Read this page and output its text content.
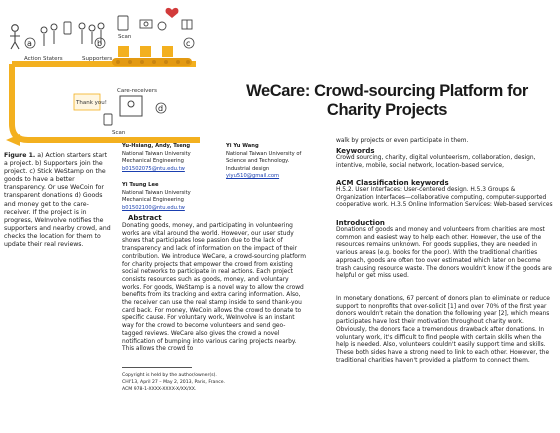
a
Action Staters
b
Supporters
Scan
c
Thank you!
Care-receivers
d
Scan
WeCare: Crowd-sourcing Platform for
Charity Projects
Figure 1. a) Action starters start a project. b) Supporters join the project. c) Stick WeStamp on the goods to have a better transparency. Or use WeCoin for transparent donations d) Goods and money get to the care-receiver. If the project is in progress, WeInvolve notifies the supporters and nearby crowd, and checks the location for them to update their real reviews.
Yu-Hsiang, Andy, Tseng
National Taiwan University
Mechanical Engineering
b01502075@ntu.edu.tw
Yi Yu Wang
National Taiwan University of
Science and Technology.
Industrial design
yiyu510@gmail.com
Yi Tsung Lee
National Taiwan University
Mechanical Engineering
b01502100@ntu.edu.tw
Abstract
Donating goods, money, and participating in volunteering works are vital around the world. However, our user study shows that participates lose passion due to the lack of transparency and lack of information on the impact of their contribution. We introduce WeCare, a crowd-sourcing platform for charity projects that empower the crowd from existing social networks to participate in real actions. Each project consists resources such as goods, money, and voluntary works. For goods, WeStamp is a novel way to allow the crowd benefits from its tracking and extra caring information. Also, the receiver can use the real stamp inside to send thank-you card back. For money, WeCoin allows the crowd to donate to specific cause. For voluntary work, WeInvolve is an instant way for the crowd to become volunteers and send geo-tagged reviews. WeCare also gives the crowd a novel notification of bumping into various caring projects nearby. This allows the crowd to
Copyright is held by the author/owner(s).
CHI'13, April 27 – May 2, 2013, Paris, France.
ACM 978-1-XXXX-XXXX-X/XX/XX.
walk by projects or even participate in them.
Keywords
Crowd sourcing, charity, digital volunteerism, collaboration, design, intentive, mobile, social network, location-based service,
ACM Classification keywords
H.5.2. User Interfaces: User-centered design. H.5.3 Groups & Organization Interfaces—collaborative computing, computer-supported cooperative work. H.3.5 Online Information Services: Web-based services
Introduction
Donations of goods and money and volunteers from charities are most common and easiest way to help each other. However, the use of the resources remains unknown. For goods supplies, they are needed in various areas (e.g. books for the poor). With the traditional charities approach, goods are often too over estimated which later on become trash causing resource waste. The donors wouldn't know if the goods are helpful or get miss used.
In monetary donations, 67 percent of donors plan to eliminate or reduce support to nonprofits that over-solicit [1] and over 70% of the first year donors wouldn't retain the donation the following year [2], which means participates have lost their motivation throughout charity work. Obviously, the donors face a tremendous drawback after donations. In voluntary work, it's difficult to find people with certain skills when the help is needed. Also, volunteers couldn't easily support time and skills. These both sides have a strong need to link to each other. However, the traditional charities haven't provided a platform to connect them.
